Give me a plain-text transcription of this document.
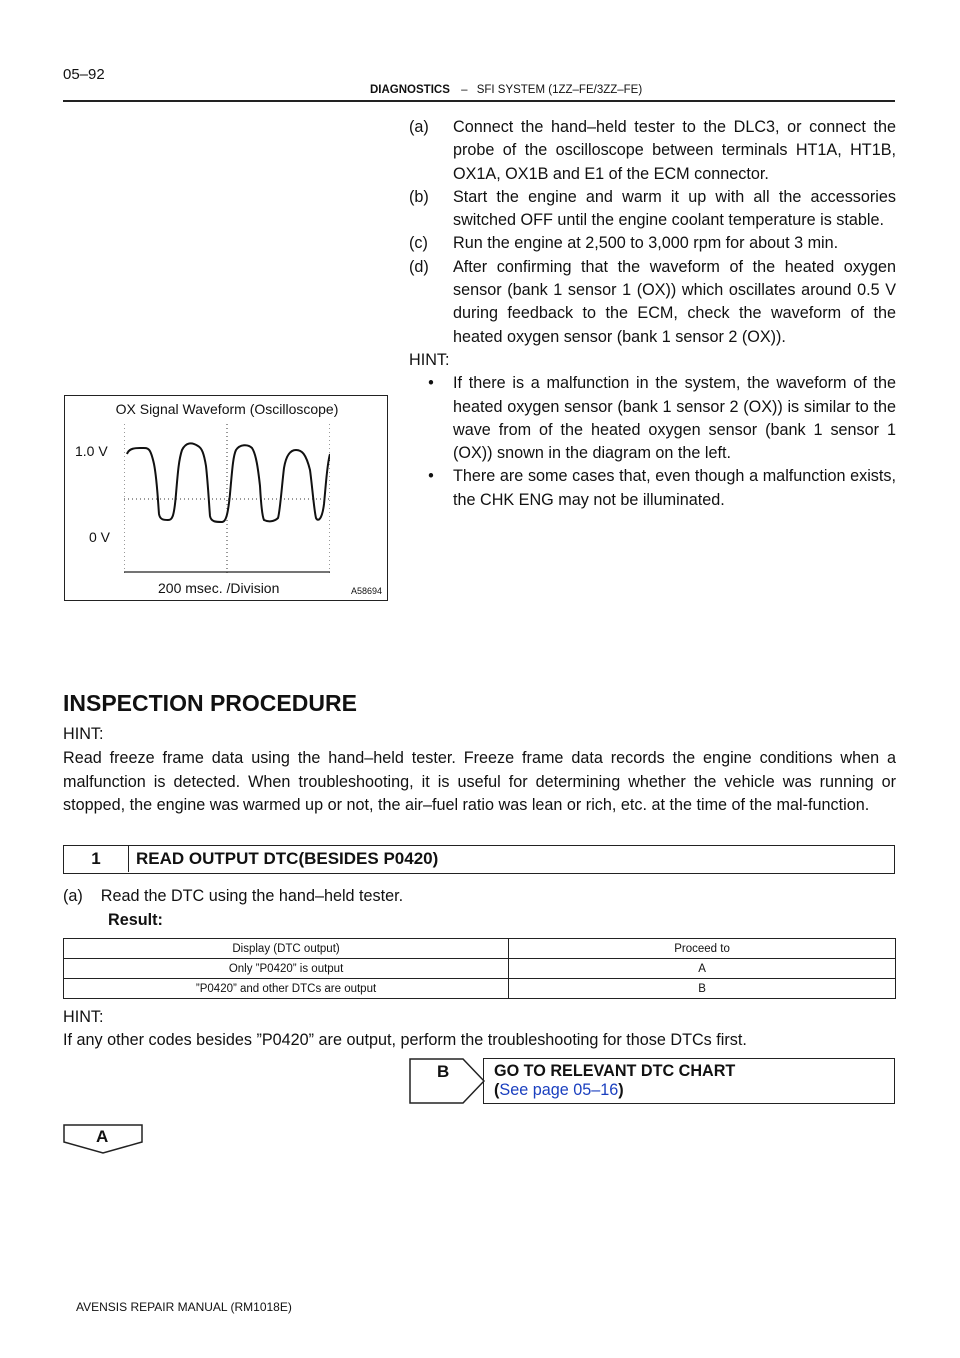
05–92
DIAGNOSTICS – SFI SYSTEM (1ZZ–FE/3ZZ–FE)
(a)	Connect the hand–held tester to the DLC3, or connect the probe of the oscilloscope between terminals HT1A, HT1B, OX1A, OX1B and E1 of the ECM connector.
(b)	Start the engine and warm it up with all the accessories switched OFF until the engine coolant temperature is stable.
(c)	Run the engine at 2,500 to 3,000 rpm for about 3 min.
(d)	After confirming that the waveform of the heated oxygen sensor (bank 1 sensor 1 (OX)) which oscillates around 0.5 V during feedback to the ECM, check the waveform of the heated oxygen sensor (bank 1 sensor 2 (OX)).
HINT:
•	If there is a malfunction in the system, the waveform of the heated oxygen sensor (bank 1 sensor 2 (OX)) is similar to the wave from of the heated oxygen sensor (bank 1 sensor 1 (OX)) snown in the diagram on the left.
•	There are some cases that, even though a malfunction exists, the CHK ENG may not be illuminated.
OX Signal Waveform (Oscilloscope)
1.0 V
0 V
200 msec. /Division	A58694
INSPECTION PROCEDURE
HINT:
Read freeze frame data using the hand–held tester. Freeze frame data records the engine conditions when a malfunction is detected. When troubleshooting, it is useful for determining whether the vehicle was running or stopped, the engine was warmed up or not, the air–fuel ratio was lean or rich, etc. at the time of the mal-function.
1	READ OUTPUT DTC(BESIDES P0420)
(a)    Read the DTC using the hand–held tester.
Result:
Display (DTC output)	Proceed to
Only ”P0420” is output	A
”P0420” and other DTCs are output	B
HINT:
If any other codes besides ”P0420” are output, perform the troubleshooting for those DTCs first.
B	GO TO RELEVANT DTC CHART
(See page 05–16)
A
AVENSIS REPAIR MANUAL (RM1018E)
